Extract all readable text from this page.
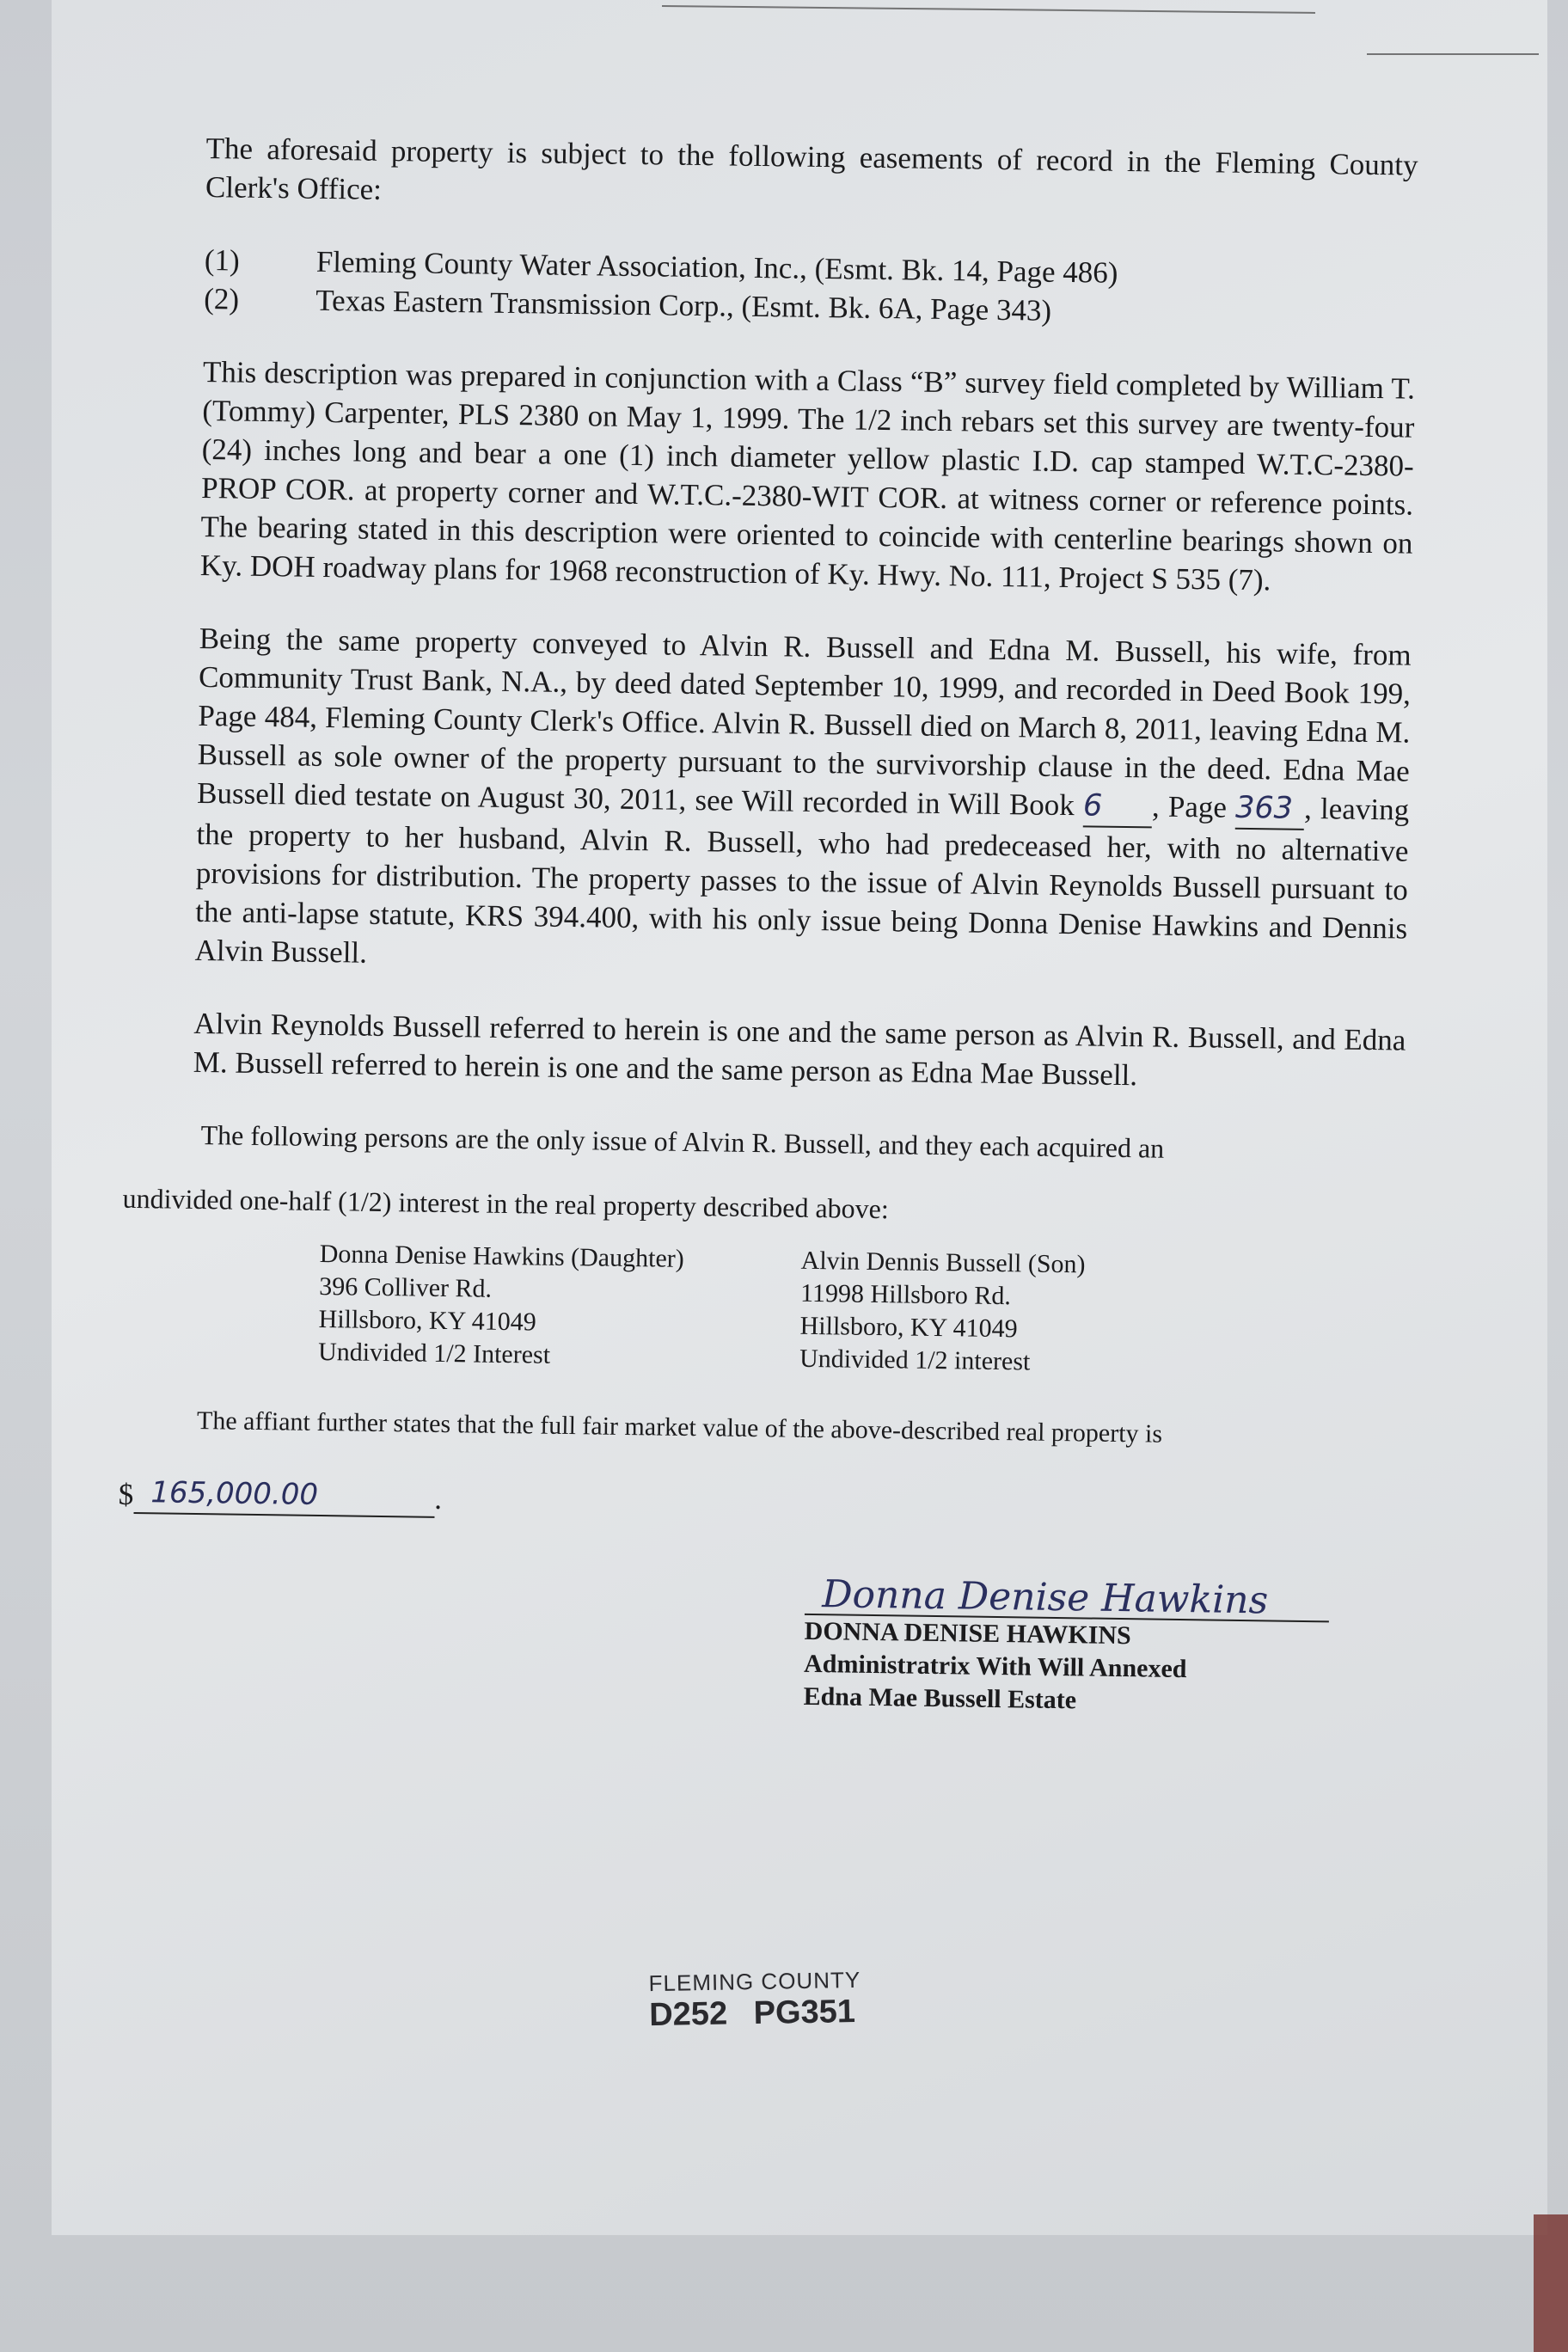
The aforesaid property is subject to the following easements of record in the Fleming County Clerk's Office:

(1)	Fleming County Water Association, Inc., (Esmt. Bk. 14, Page 486)
(2)	Texas Eastern Transmission Corp., (Esmt. Bk. 6A, Page 343)

This description was prepared in conjunction with a Class “B” survey field completed by William T. (Tommy) Carpenter, PLS 2380 on May 1, 1999. The 1/2 inch rebars set this survey are twenty-four (24) inches long and bear a one (1) inch diameter yellow plastic I.D. cap stamped W.T.C-2380-PROP COR. at property corner and W.T.C.-2380-WIT COR. at witness corner or reference points. The bearing stated in this description were oriented to coincide with centerline bearings shown on Ky. DOH roadway plans for 1968 reconstruction of Ky. Hwy. No. 111, Project S 535 (7).

Being the same property conveyed to Alvin R. Bussell and Edna M. Bussell, his wife, from Community Trust Bank, N.A., by deed dated September 10, 1999, and recorded in Deed Book 199, Page 484, Fleming County Clerk's Office. Alvin R. Bussell died on March 8, 2011, leaving Edna M. Bussell as sole owner of the property pursuant to the survivorship clause in the deed. Edna Mae Bussell died testate on August 30, 2011, see Will recorded in Will Book 6 , Page 363 , leaving the property to her husband, Alvin R. Bussell, who had predeceased her, with no alternative provisions for distribution. The property passes to the issue of Alvin Reynolds Bussell pursuant to the anti-lapse statute, KRS 394.400, with his only issue being Donna Denise Hawkins and Dennis Alvin Bussell.

Alvin Reynolds Bussell referred to herein is one and the same person as Alvin R. Bussell, and Edna M. Bussell referred to herein is one and the same person as Edna Mae Bussell.

The following persons are the only issue of Alvin R. Bussell, and they each acquired an

undivided one-half (1/2) interest in the real property described above:

Donna Denise Hawkins (Daughter)
396 Colliver Rd.
Hillsboro, KY 41049
Undivided 1/2 Interest
Alvin Dennis Bussell (Son)
11998 Hillsboro Rd.
Hillsboro, KY 41049
Undivided 1/2 interest

The affiant further states that the full fair market value of the above-described real property is

$ 165,000.00	.
Donna Denise Hawkins
DONNA DENISE HAWKINS
Administratrix With Will Annexed
Edna Mae Bussell Estate
FLEMING COUNTY
D252 PG351
